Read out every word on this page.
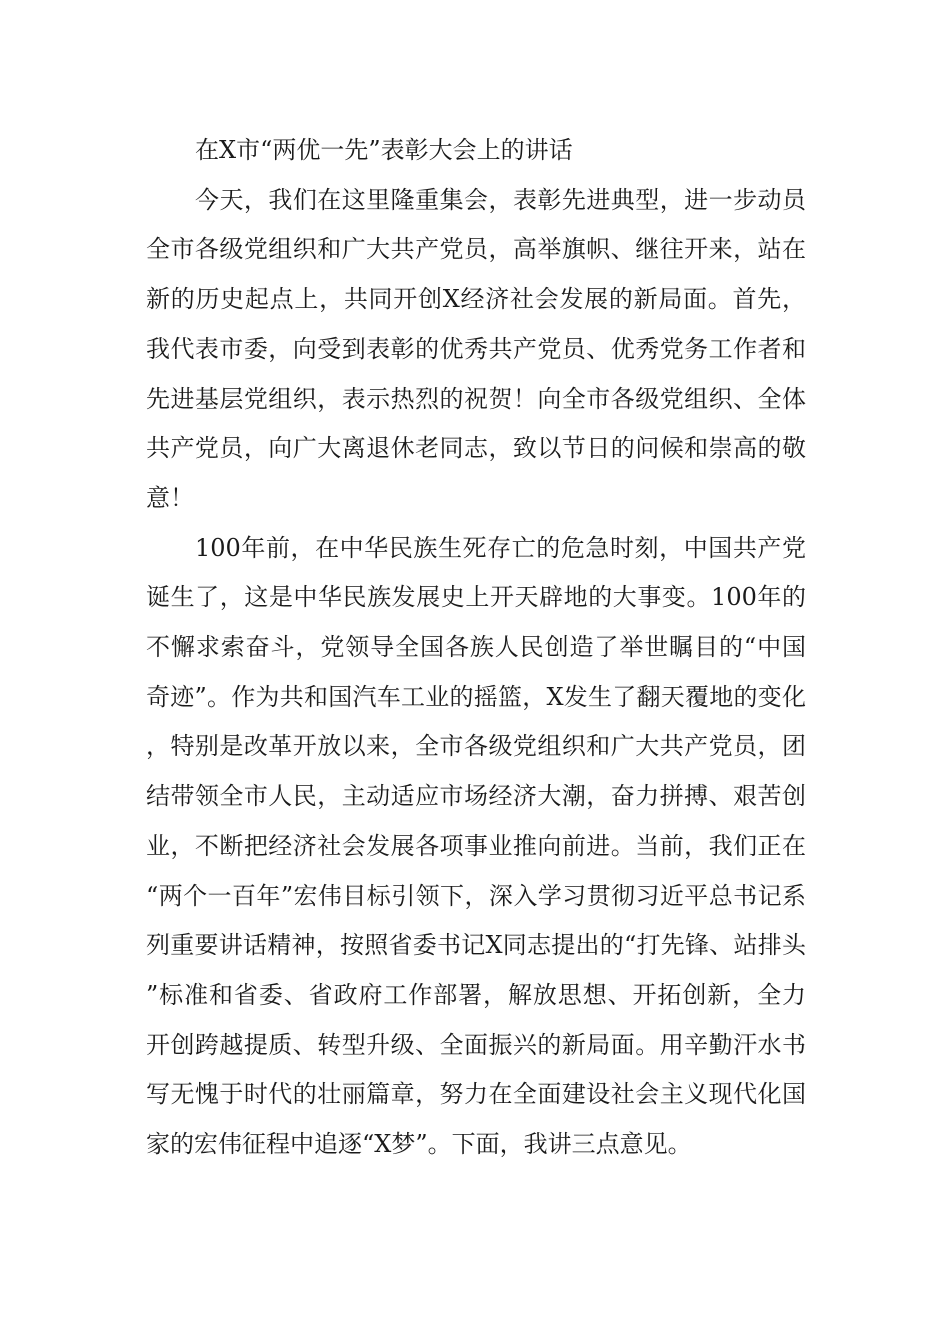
在X市“两优一先”表彰大会上的讲话

今天，我们在这里隆重集会，表彰先进典型，进一步动员全市各级党组织和广大共产党员，高举旗帜、继往开来，站在新的历史起点上，共同开创X经济社会发展的新局面。首先，我代表市委，向受到表彰的优秀共产党员、优秀党务工作者和先进基层党组织，表示热烈的祝贺！向全市各级党组织、全体共产党员，向广大离退休老同志，致以节日的问候和崇高的敬意！

100年前，在中华民族生死存亡的危急时刻，中国共产党诞生了，这是中华民族发展史上开天辟地的大事变。100年的不懈求索奋斗，党领导全国各族人民创造了举世瞩目的“中国奇迹”。作为共和国汽车工业的摇篮，X发生了翻天覆地的变化，特别是改革开放以来，全市各级党组织和广大共产党员，团结带领全市人民，主动适应市场经济大潮，奋力拼搏、艰苦创业，不断把经济社会发展各项事业推向前进。当前，我们正在“两个一百年”宏伟目标引领下，深入学习贯彻习近平总书记系列重要讲话精神，按照省委书记X同志提出的“打先锋、站排头”标准和省委、省政府工作部署，解放思想、开拓创新，全力开创跨越提质、转型升级、全面振兴的新局面。用辛勤汗水书写无愧于时代的壮丽篇章，努力在全面建设社会主义现代化国家的宏伟征程中追逐“X梦”。下面，我讲三点意见。
